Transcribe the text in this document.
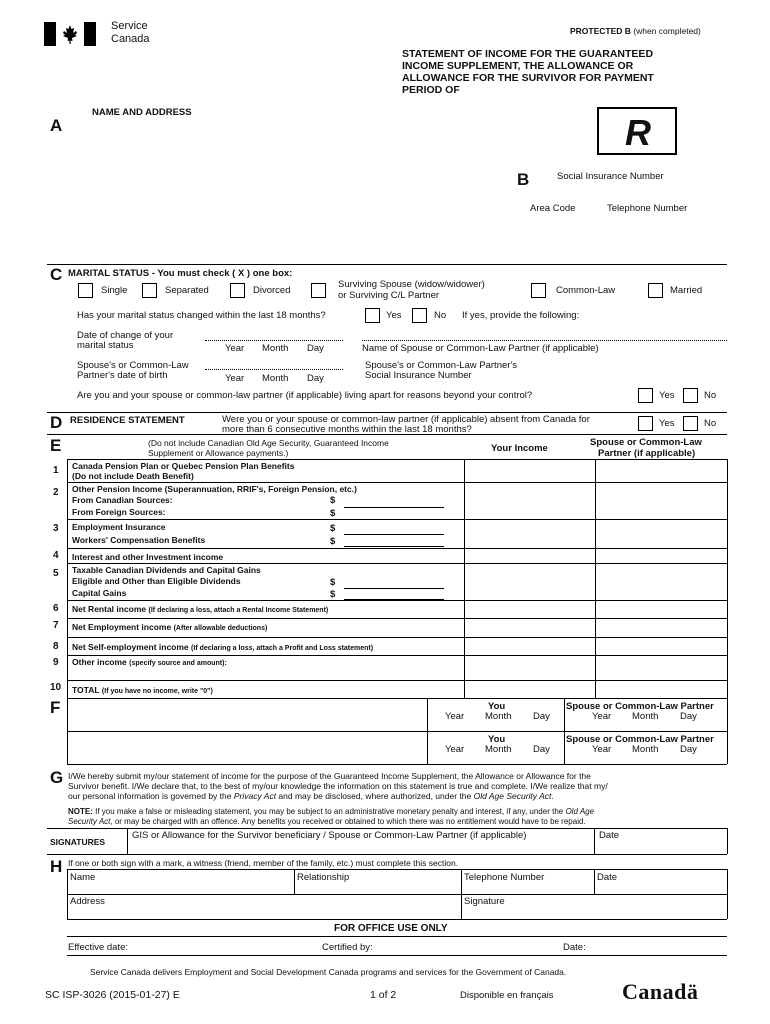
Service
Canada
PROTECTED B (when completed)
STATEMENT OF INCOME FOR THE GUARANTEED
INCOME SUPPLEMENT, THE ALLOWANCE OR
ALLOWANCE FOR THE SURVIVOR FOR PAYMENT
PERIOD OF
R
A
NAME AND ADDRESS
B	Social Insurance Number
Area Code	Telephone Number
C MARITAL STATUS - You must check ( X ) one box:
Single	Separated	Divorced
Surviving Spouse (widow/widower)
or Surviving C/L Partner	Common-Law	Married
Has your marital status changed within the last 18 months?	Yes	No If yes, provide the following:
Date of change of your
marital status	Year Month Day	Name of Spouse or Common-Law Partner (if applicable)
Spouse's or Common-Law
Partner's date of birth	Year Month Day
Spouse's or Common-Law Partner's
Social Insurance Number
Are you and your spouse or common-law partner (if applicable) living apart for reasons beyond your control?	Yes	No
D RESIDENCE STATEMENT	Were you or your spouse or common-law partner (if applicable) absent from Canada for
more than 6 consecutive months within the last 18 months?
Yes	No
E	(Do not include Canadian Old Age Security, Guaranteed Income
Supplement or Allowance payments.)	Your Income
Spouse or Common-Law
Partner (if applicable)
1 Canada Pension Plan or Quebec Pension Plan Benefits
(Do not include Death Benefit)
2 Other Pension Income (Superannuation, RRIF's, Foreign Pension, etc.)
From Canadian Sources:	$
From Foreign Sources:	$
3 Employment Insurance	$
Workers' Compensation Benefits	$
4 Interest and other Investment income
5 Taxable Canadian Dividends and Capital Gains
Eligible and Other than Eligible Dividends	$
Capital Gains	$
6 Net Rental income (If declaring a loss, attach a Rental Income Statement)
7 Net Employment income (After allowable deductions)
8 Net Self-employment income (If declaring a loss, attach a Profit and Loss statement)
9 Other income (specify source and amount):
10 TOTAL (If you have no income, write "0")
F	You
Year Month Day
Spouse or Common-Law Partner
Year Month Day
You
Year Month Day
Spouse or Common-Law Partner
Year Month Day
G I/We hereby submit my/our statement of income for the purpose of the Guaranteed Income Supplement, the Allowance or Allowance for the
Survivor benefit. I/We declare that, to the best of my/our knowledge the information on this statement is true and complete. I/We realize that my/
our personal information is governed by the Privacy Act and may be disclosed, where authorized, under the Old Age Security Act.
NOTE: If you make a false or misleading statement, you may be subject to an administrative monetary penalty and interest, if any, under the Old Age
Security Act, or may be charged with an offence. Any benefits you received or obtained to which there was no entitlement would have to be repaid.
GIS or Allowance for the Survivor beneficiary / Spouse or Common-Law Partner (if applicable)	Date
SIGNATURES
H If one or both sign with a mark, a witness (friend, member of the family, etc.) must complete this section.
Name	Relationship	Telephone Number	Date
Address	Signature
FOR OFFICE USE ONLY
Effective date:	Certified by:	Date:
Service Canada delivers Employment and Social Development Canada programs and services for the Government of Canada.
SC ISP-3026 (2015-01-27) E	1 of 2	Disponible en français	Canadä
